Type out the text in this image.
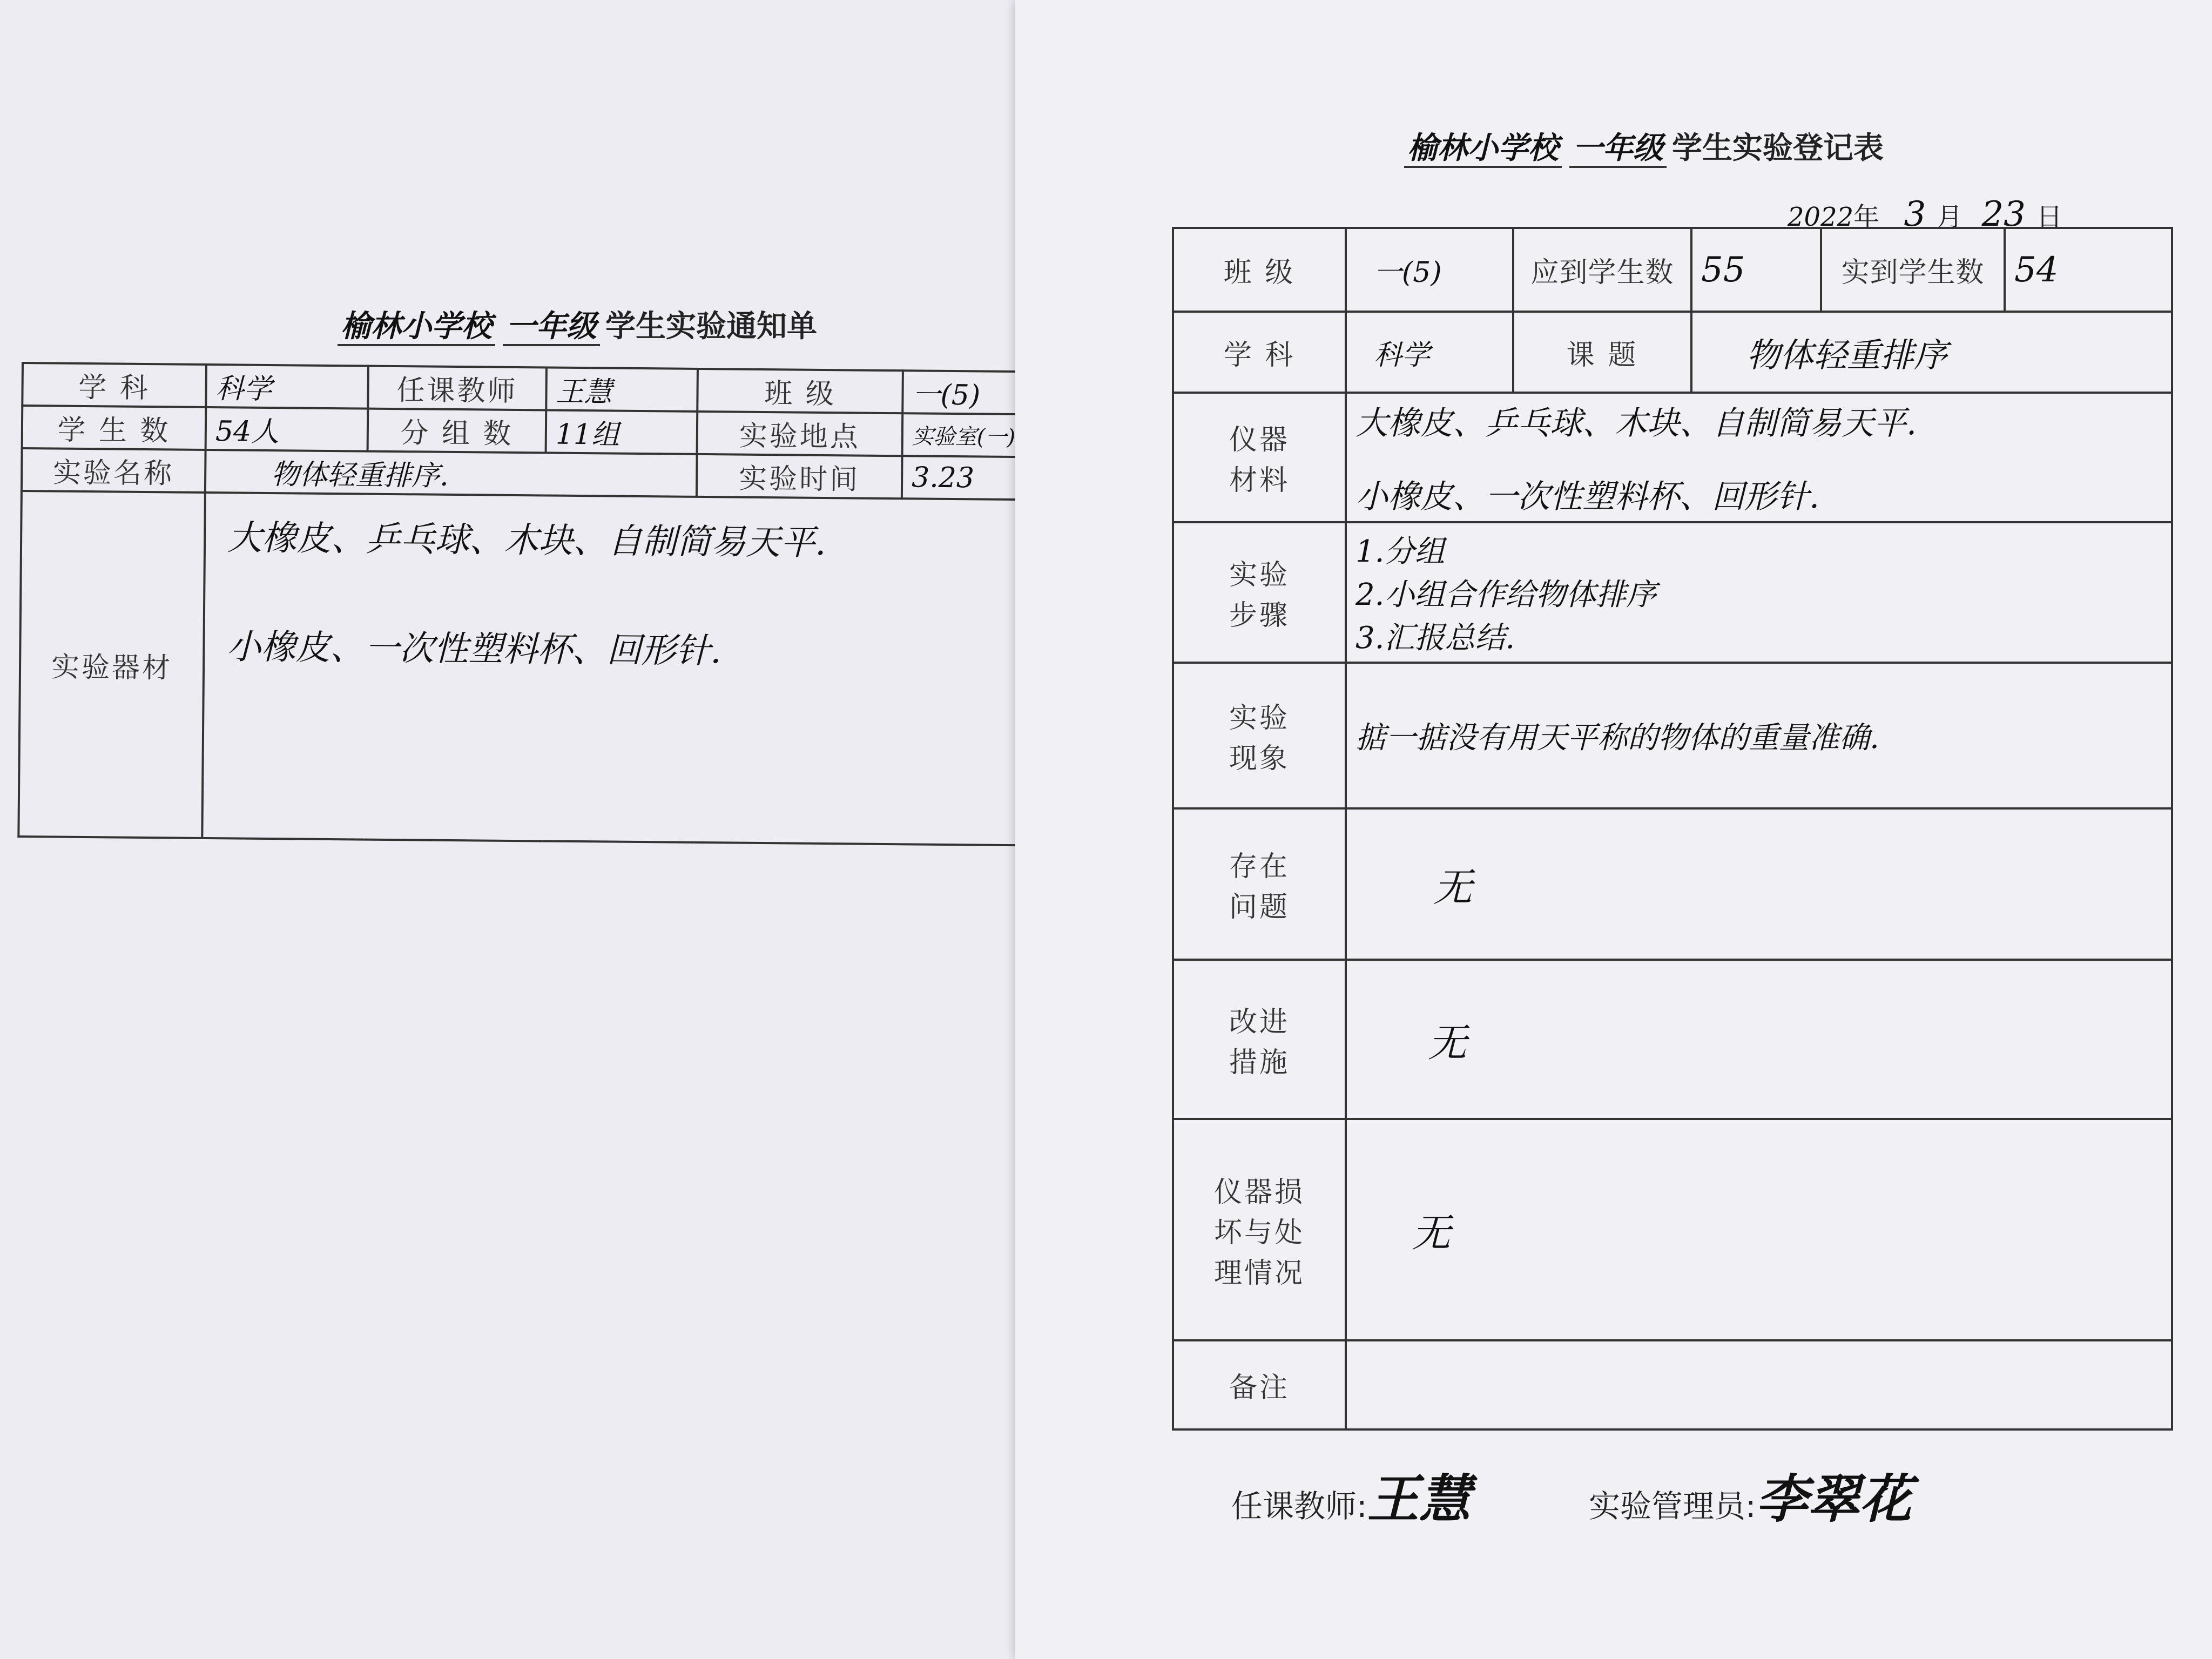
榆林小学校 一年级 学生实验通知单
学 科	科学	任课教师	王慧	班 级	一(5)
学 生 数	54人	分 组 数	11组	实验地点	实验室(一)
实验名称	物体轻重排序.			实验时间	3.23
实验器材	大橡皮、乒乓球、木块、自制简易天平.
小橡皮、一次性塑料杯、回形针.				
榆林小学校 一年级 学生实验登记表
2022年 3 月 23 日
班 级	一(5)	应到学生数	55	实到学生数	54
学 科	科学	课 题	物体轻重排序		

仪器
材料	大橡皮、乒乓球、木块、自制简易天平.
小橡皮、一次性塑料杯、回形针.				

实验
步骤	1.分组
2.小组合作给物体排序
3.汇报总结.				

实验
现象	掂一掂没有用天平称的物体的重量准确.				

存在
问题	无				

改进
措施	无				

仪器损
坏与处
理情况	无				
备注					
任课教师:王慧	实验管理员:李翠花
